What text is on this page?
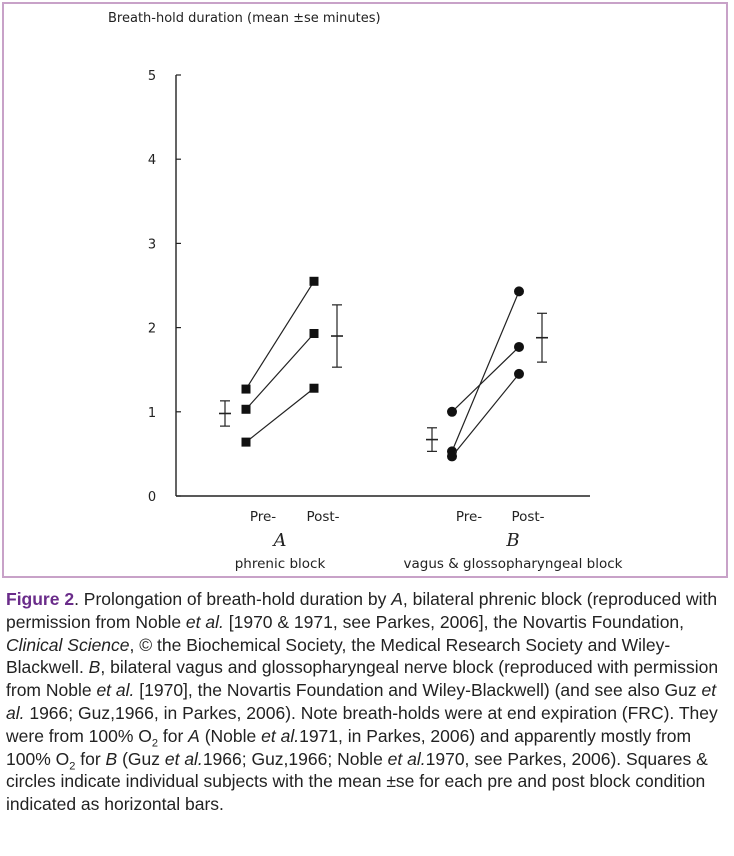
Breath-hold duration (mean ±se minutes)
0
1
2
3
4
5
Pre- Post-
A
phrenic block
Pre- Post-
B
vagus & glossopharyngeal block
Figure 2. Prolongation of breath-hold duration by A, bilateral phrenic block (reproduced with permission from Noble et al. [1970 & 1971, see Parkes, 2006], the Novartis Foundation, Clinical Science, © the Biochemical Society, the Medical Research Society and Wiley-Blackwell. B, bilateral vagus and glossopharyngeal nerve block (reproduced with permission from Noble et al. [1970], the Novartis Foundation and Wiley-Blackwell) (and see also Guz et al. 1966; Guz,1966, in Parkes, 2006). Note breath-holds were at end expiration (FRC). They were from 100% $O_2$ for A (Noble et al.1971, in Parkes, 2006) and apparently mostly from 100% $O_2$ for B (Guz et al.1966; Guz,1966; Noble et al.1970, see Parkes, 2006). Squares & circles indicate individual subjects with the mean ±se for each pre and post block condition indicated as horizontal bars.
